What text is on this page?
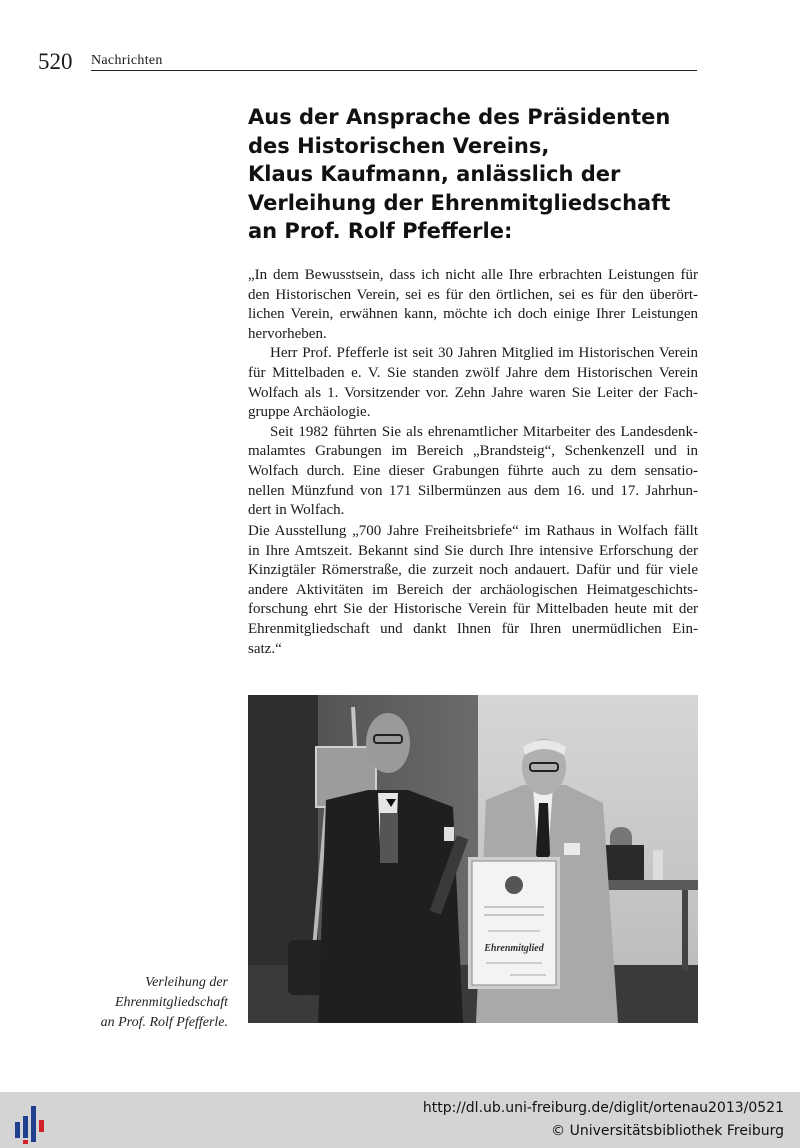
520 Nachrichten
Aus der Ansprache des Präsidenten
des Historischen Vereins,
Klaus Kaufmann, anlässlich der
Verleihung der Ehrenmitgliedschaft
an Prof. Rolf Pfefferle:
„In dem Bewusstsein, dass ich nicht alle Ihre erbrachten Leistungen für
den Historischen Verein, sei es für den örtlichen, sei es für den überört-
lichen Verein, erwähnen kann, möchte ich doch einige Ihrer Leistungen
hervorheben.
Herr Prof. Pfefferle ist seit 30 Jahren Mitglied im Historischen Verein
für Mittelbaden e. V. Sie standen zwölf Jahre dem Historischen Verein
Wolfach als 1. Vorsitzender vor. Zehn Jahre waren Sie Leiter der Fach-
gruppe Archäologie.
Seit 1982 führten Sie als ehrenamtlicher Mitarbeiter des Landesdenk-
malamtes Grabungen im Bereich „Brandsteig“, Schenkenzell und in
Wolfach durch. Eine dieser Grabungen führte auch zu dem sensatio-
nellen Münzfund von 171 Silbermünzen aus dem 16. und 17. Jahrhun-
dert in Wolfach.
Die Ausstellung „700 Jahre Freiheitsbriefe“ im Rathaus in Wolfach fällt
in Ihre Amtszeit. Bekannt sind Sie durch Ihre intensive Erforschung der
Kinzigtäler Römerstraße, die zurzeit noch andauert. Dafür und für viele
andere Aktivitäten im Bereich der archäologischen Heimatgeschichts-
forschung ehrt Sie der Historische Verein für Mittelbaden heute mit der
Ehrenmitgliedschaft und dankt Ihnen für Ihren unermüdlichen Ein-
satz.“
Ehrenmitglied
Verleihung der
Ehrenmitgliedschaft
an Prof. Rolf Pfefferle.
http://dl.ub.uni-freiburg.de/diglit/ortenau2013/0521
© Universitätsbibliothek Freiburg
